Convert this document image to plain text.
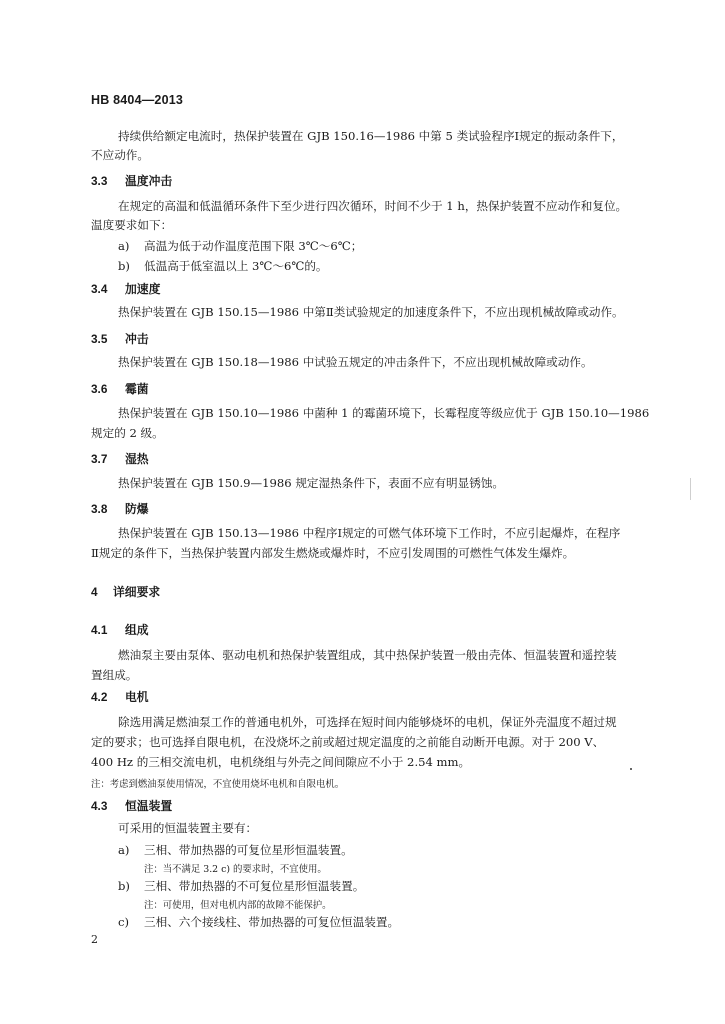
HB 8404—2013
持续供给额定电流时，热保护装置在 GJB 150.16—1986 中第 5 类试验程序Ⅰ规定的振动条件下，
不应动作。
3.3 温度冲击
在规定的高温和低温循环条件下至少进行四次循环，时间不少于 1 h，热保护装置不应动作和复位。
温度要求如下：
a) 高温为低于动作温度范围下限 3℃～6℃；
b) 低温高于低室温以上 3℃～6℃的。
3.4 加速度
热保护装置在 GJB 150.15—1986 中第Ⅱ类试验规定的加速度条件下，不应出现机械故障或动作。
3.5 冲击
热保护装置在 GJB 150.18—1986 中试验五规定的冲击条件下，不应出现机械故障或动作。
3.6 霉菌
热保护装置在 GJB 150.10—1986 中菌种 1 的霉菌环境下，长霉程度等级应优于 GJB 150.10—1986
规定的 2 级。
3.7 湿热
热保护装置在 GJB 150.9—1986 规定湿热条件下，表面不应有明显锈蚀。
3.8 防爆
热保护装置在 GJB 150.13—1986 中程序Ⅰ规定的可燃气体环境下工作时，不应引起爆炸，在程序
Ⅱ规定的条件下，当热保护装置内部发生燃烧或爆炸时，不应引发周围的可燃性气体发生爆炸。
4 详细要求
4.1 组成
燃油泵主要由泵体、驱动电机和热保护装置组成，其中热保护装置一般由壳体、恒温装置和遥控装
置组成。
4.2 电机
除选用满足燃油泵工作的普通电机外，可选择在短时间内能够烧坏的电机，保证外壳温度不超过规
定的要求；也可选择自限电机，在没烧坏之前或超过规定温度的之前能自动断开电源。对于 200 V、
400 Hz 的三相交流电机，电机绕组与外壳之间间隙应不小于 2.54 mm。
注：考虑到燃油泵使用情况，不宜使用烧坏电机和自限电机。
4.3 恒温装置
可采用的恒温装置主要有：
a) 三相、带加热器的可复位星形恒温装置。
注：当不满足 3.2 c) 的要求时，不宜使用。
b) 三相、带加热器的不可复位星形恒温装置。
注：可使用，但对电机内部的故障不能保护。
c) 三相、六个接线柱、带加热器的可复位恒温装置。
2
